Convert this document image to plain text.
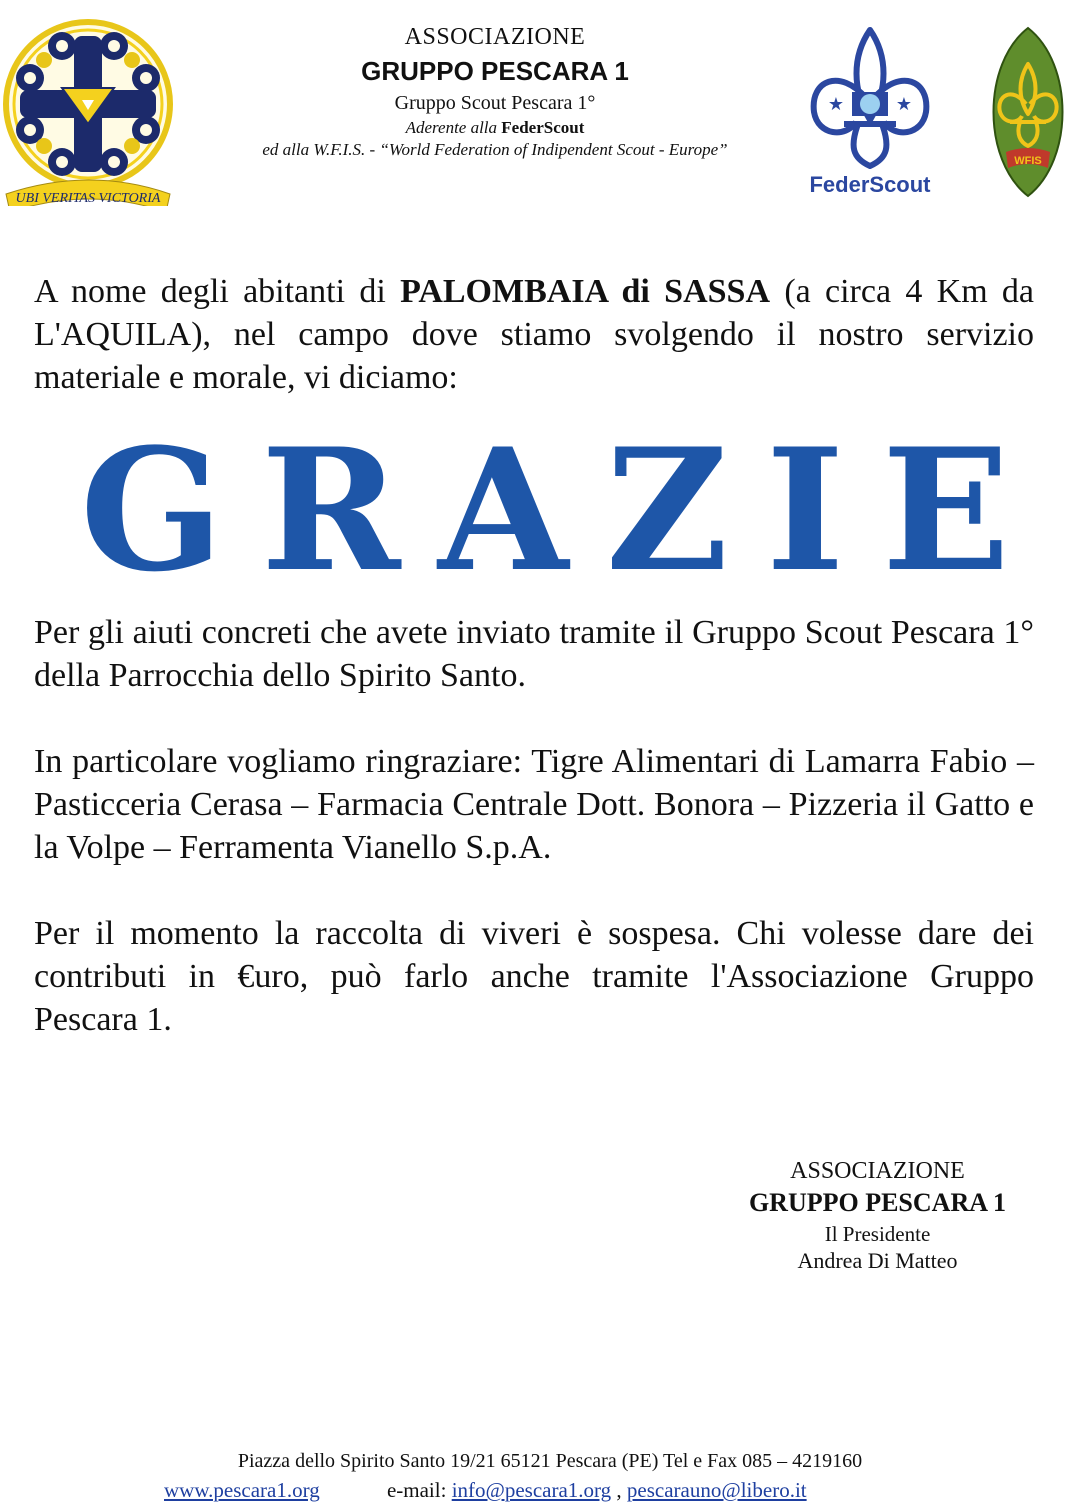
UBI VERITAS VICTORIA
ASSOCIAZIONE
GRUPPO PESCARA 1
Gruppo Scout Pescara 1°
Aderente alla FederScout
ed alla W.F.I.S. - “World Federation of Indipendent Scout - Europe”
★	★
FederScout
WFIS
A nome degli abitanti di PALOMBAIA di SASSA (a circa 4 Km da L'AQUILA), nel campo dove stiamo svolgendo il nostro servizio materiale e morale, vi diciamo:
G R A Z I E
Per gli aiuti concreti che avete inviato tramite il Gruppo Scout Pescara 1° della Parrocchia dello Spirito Santo.
In particolare vogliamo ringraziare: Tigre Alimentari di Lamarra Fabio – Pasticceria Cerasa – Farmacia Centrale Dott. Bonora – Pizzeria il Gatto e la Volpe – Ferramenta Vianello S.p.A.
Per il momento la raccolta di viveri è sospesa. Chi volesse dare dei contributi in €uro, può farlo anche tramite l'Associazione Gruppo Pescara 1.
ASSOCIAZIONE
GRUPPO PESCARA 1
Il Presidente
Andrea Di Matteo
Piazza dello Spirito Santo 19/21 65121 Pescara (PE) Tel e Fax 085 – 4219160
www.pescara1.org	e-mail: info@pescara1.org , pescarauno@libero.it
